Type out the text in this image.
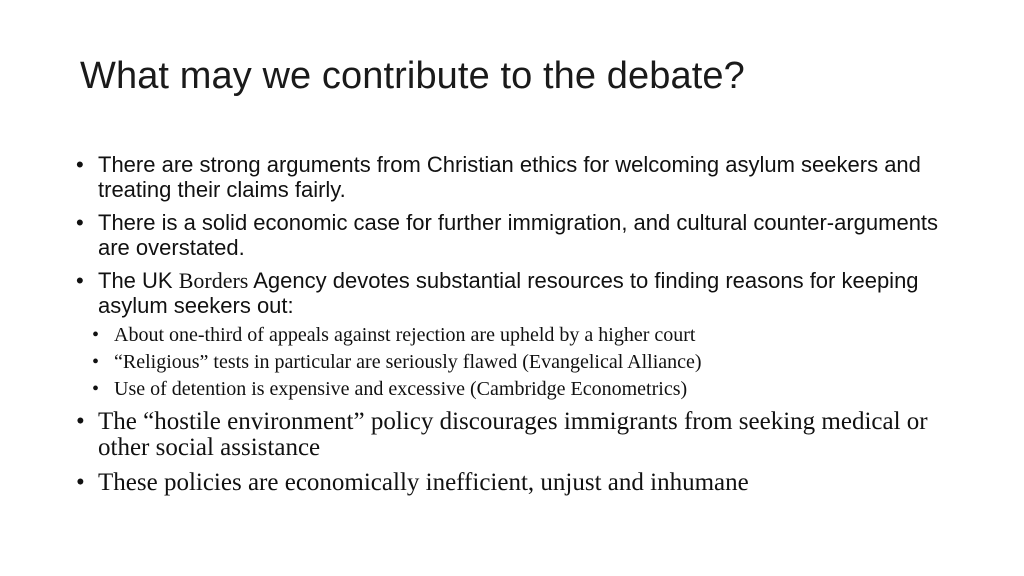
What may we contribute to the debate?
• There are strong arguments from Christian ethics for welcoming asylum seekers and treating their claims fairly.
• There is a solid economic case for further immigration, and cultural counter-arguments are overstated.
• The UK Borders Agency devotes substantial resources to finding reasons for keeping asylum seekers out:
• About one-third of appeals against rejection are upheld by a higher court
• “Religious” tests in particular are seriously flawed (Evangelical Alliance)
• Use of detention is expensive and excessive (Cambridge Econometrics)
• The “hostile environment” policy discourages immigrants from seeking medical or other social assistance
• These policies are economically inefficient, unjust and inhumane
